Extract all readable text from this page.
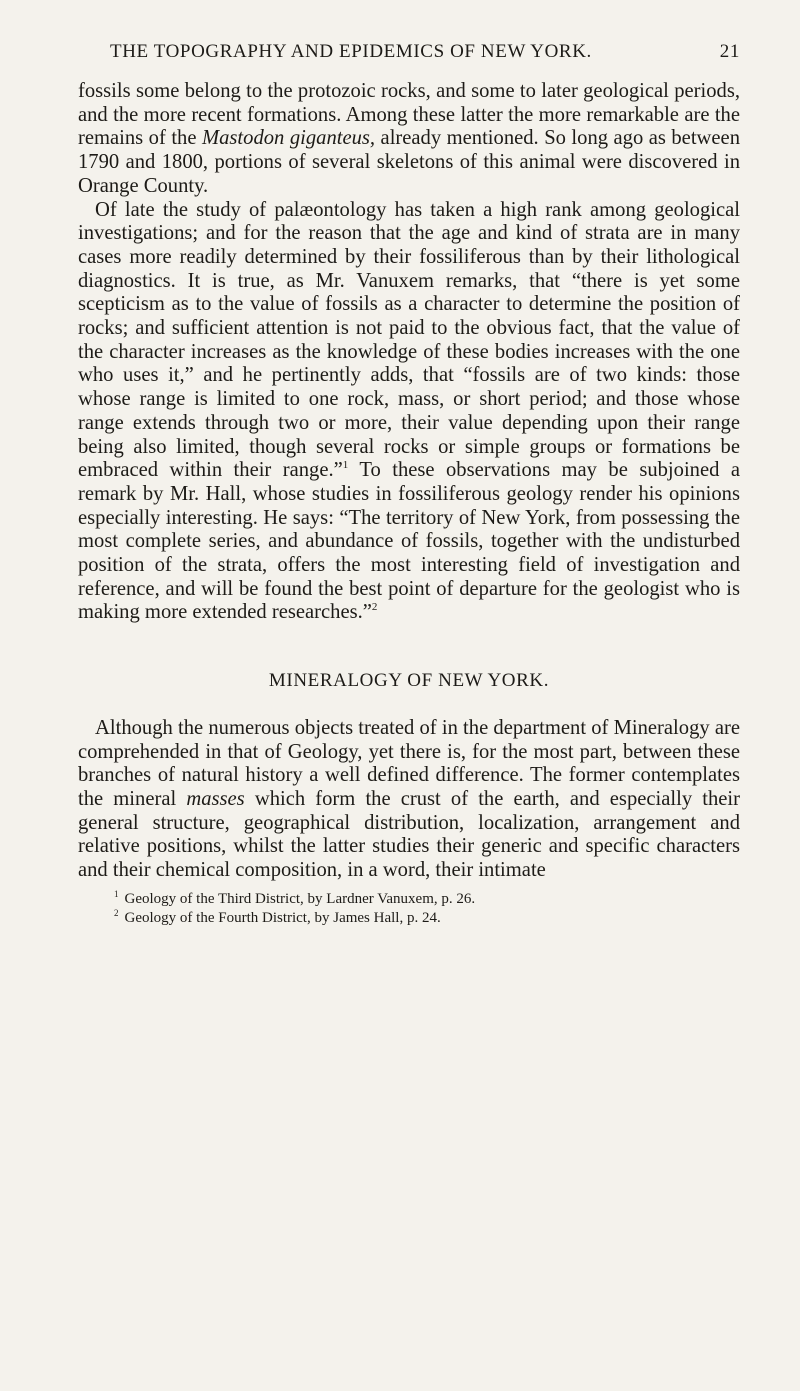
THE TOPOGRAPHY AND EPIDEMICS OF NEW YORK.	21

fossils some belong to the protozoic rocks, and some to later geological periods, and the more recent formations. Among these latter the more remarkable are the remains of the Mastodon giganteus, already mentioned. So long ago as between 1790 and 1800, portions of several skeletons of this animal were discovered in Orange County.

Of late the study of palæontology has taken a high rank among geological investigations; and for the reason that the age and kind of strata are in many cases more readily determined by their fossiliferous than by their lithological diagnostics. It is true, as Mr. Vanuxem remarks, that “there is yet some scepticism as to the value of fossils as a character to determine the position of rocks; and sufficient attention is not paid to the obvious fact, that the value of the character increases as the knowledge of these bodies increases with the one who uses it,” and he pertinently adds, that “fossils are of two kinds: those whose range is limited to one rock, mass, or short period; and those whose range extends through two or more, their value depending upon their range being also limited, though several rocks or simple groups or formations be embraced within their range.”$^1$ To these observations may be subjoined a remark by Mr. Hall, whose studies in fossiliferous geology render his opinions especially interesting. He says: “The territory of New York, from possessing the most complete series, and abundance of fossils, together with the undisturbed position of the strata, offers the most interesting field of investigation and reference, and will be found the best point of departure for the geologist who is making more extended researches.”$^2$

MINERALOGY OF NEW YORK.

Although the numerous objects treated of in the department of Mineralogy are comprehended in that of Geology, yet there is, for the most part, between these branches of natural history a well defined difference. The former contemplates the mineral masses which form the crust of the earth, and especially their general structure, geographical distribution, localization, arrangement and relative positions, whilst the latter studies their generic and specific characters and their chemical composition, in a word, their intimate

$^1$ Geology of the Third District, by Lardner Vanuxem, p. 26.
$^2$ Geology of the Fourth District, by James Hall, p. 24.
